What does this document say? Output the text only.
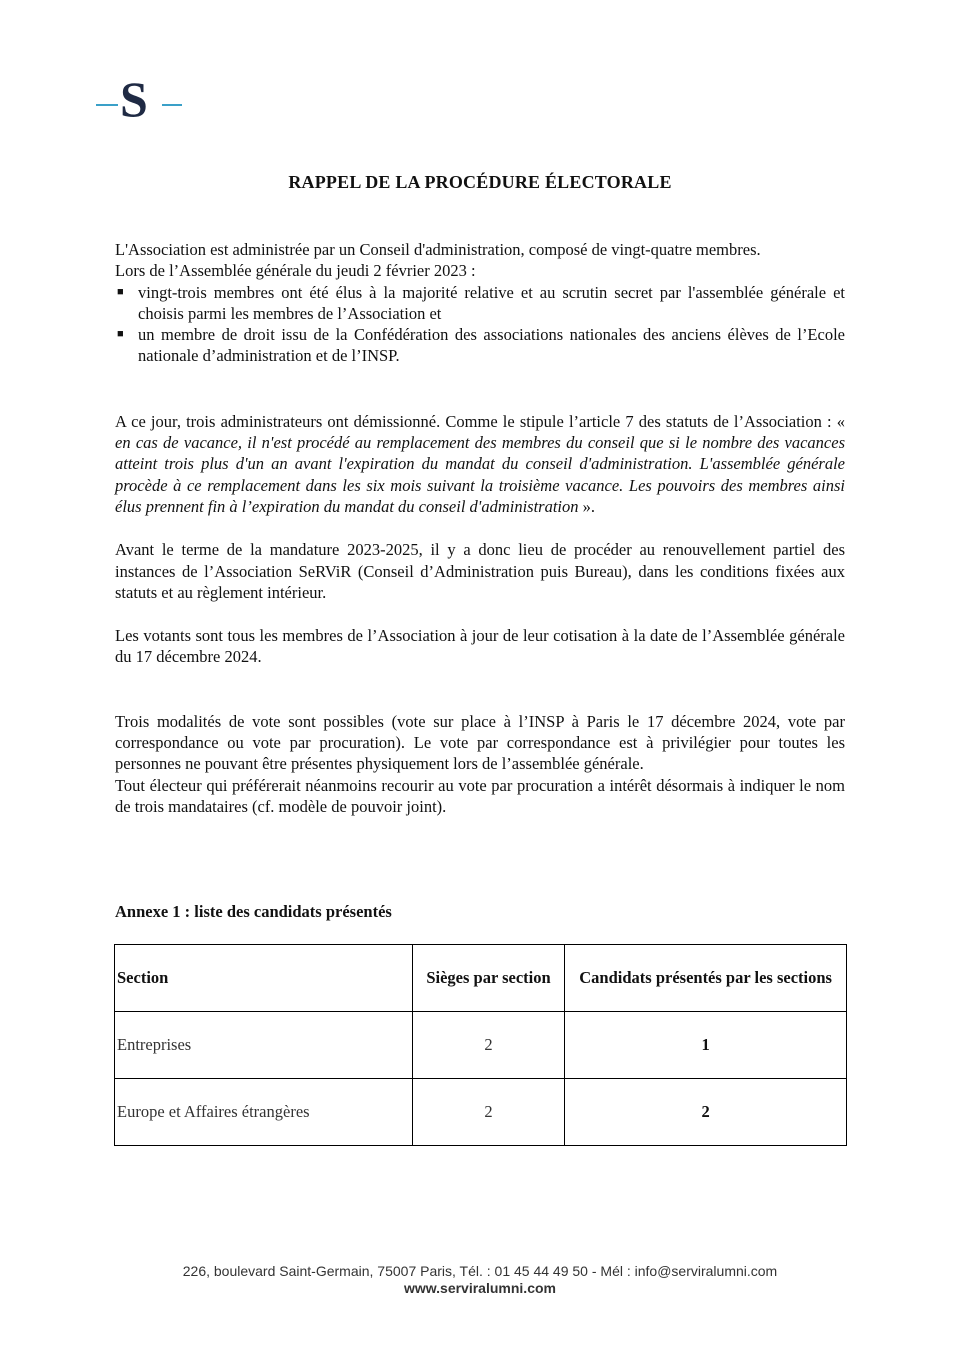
S
RAPPEL DE LA PROCÉDURE ÉLECTORALE

L'Association est administrée par un Conseil d'administration, composé de vingt-quatre membres.

Lors de l’Assemblée générale du jeudi 2 février 2023 :

■ vingt-trois membres ont été élus à la majorité relative et au scrutin secret par l'assemblée générale et choisis parmi les membres de l’Association et
■ un membre de droit issu de la Confédération des associations nationales des anciens élèves de l’Ecole nationale d’administration et de l’INSP.

A ce jour, trois administrateurs ont démissionné. Comme le stipule l’article 7 des statuts de l’Association : « en cas de vacance, il n'est procédé au remplacement des membres du conseil que si le nombre des vacances atteint trois plus d'un an avant l'expiration du mandat du conseil d'administration. L'assemblée générale procède à ce remplacement dans les six mois suivant la troisième vacance. Les pouvoirs des membres ainsi élus prennent fin à l’expiration du mandat du conseil d'administration ».

Avant le terme de la mandature 2023-2025, il y a donc lieu de procéder au renouvellement partiel des instances de l’Association SeRViR (Conseil d’Administration puis Bureau), dans les conditions fixées aux statuts et au règlement intérieur.

Les votants sont tous les membres de l’Association à jour de leur cotisation à la date de l’Assemblée générale du 17 décembre 2024.

Trois modalités de vote sont possibles (vote sur place à l’INSP à Paris le 17 décembre 2024, vote par correspondance ou vote par procuration). Le vote par correspondance est à privilégier pour toutes les personnes ne pouvant être présentes physiquement lors de l’assemblée générale.

Tout électeur qui préférerait néanmoins recourir au vote par procuration a intérêt désormais à indiquer le nom de trois mandataires (cf. modèle de pouvoir joint).

Annexe 1 : liste des candidats présentés
Section	Sièges par section	Candidats présentés par les sections
Entreprises	2	1
Europe et Affaires étrangères	2	2
226, boulevard Saint-Germain, 75007 Paris, Tél. : 01 45 44 49 50 - Mél : info@serviralumni.com
www.serviralumni.com
